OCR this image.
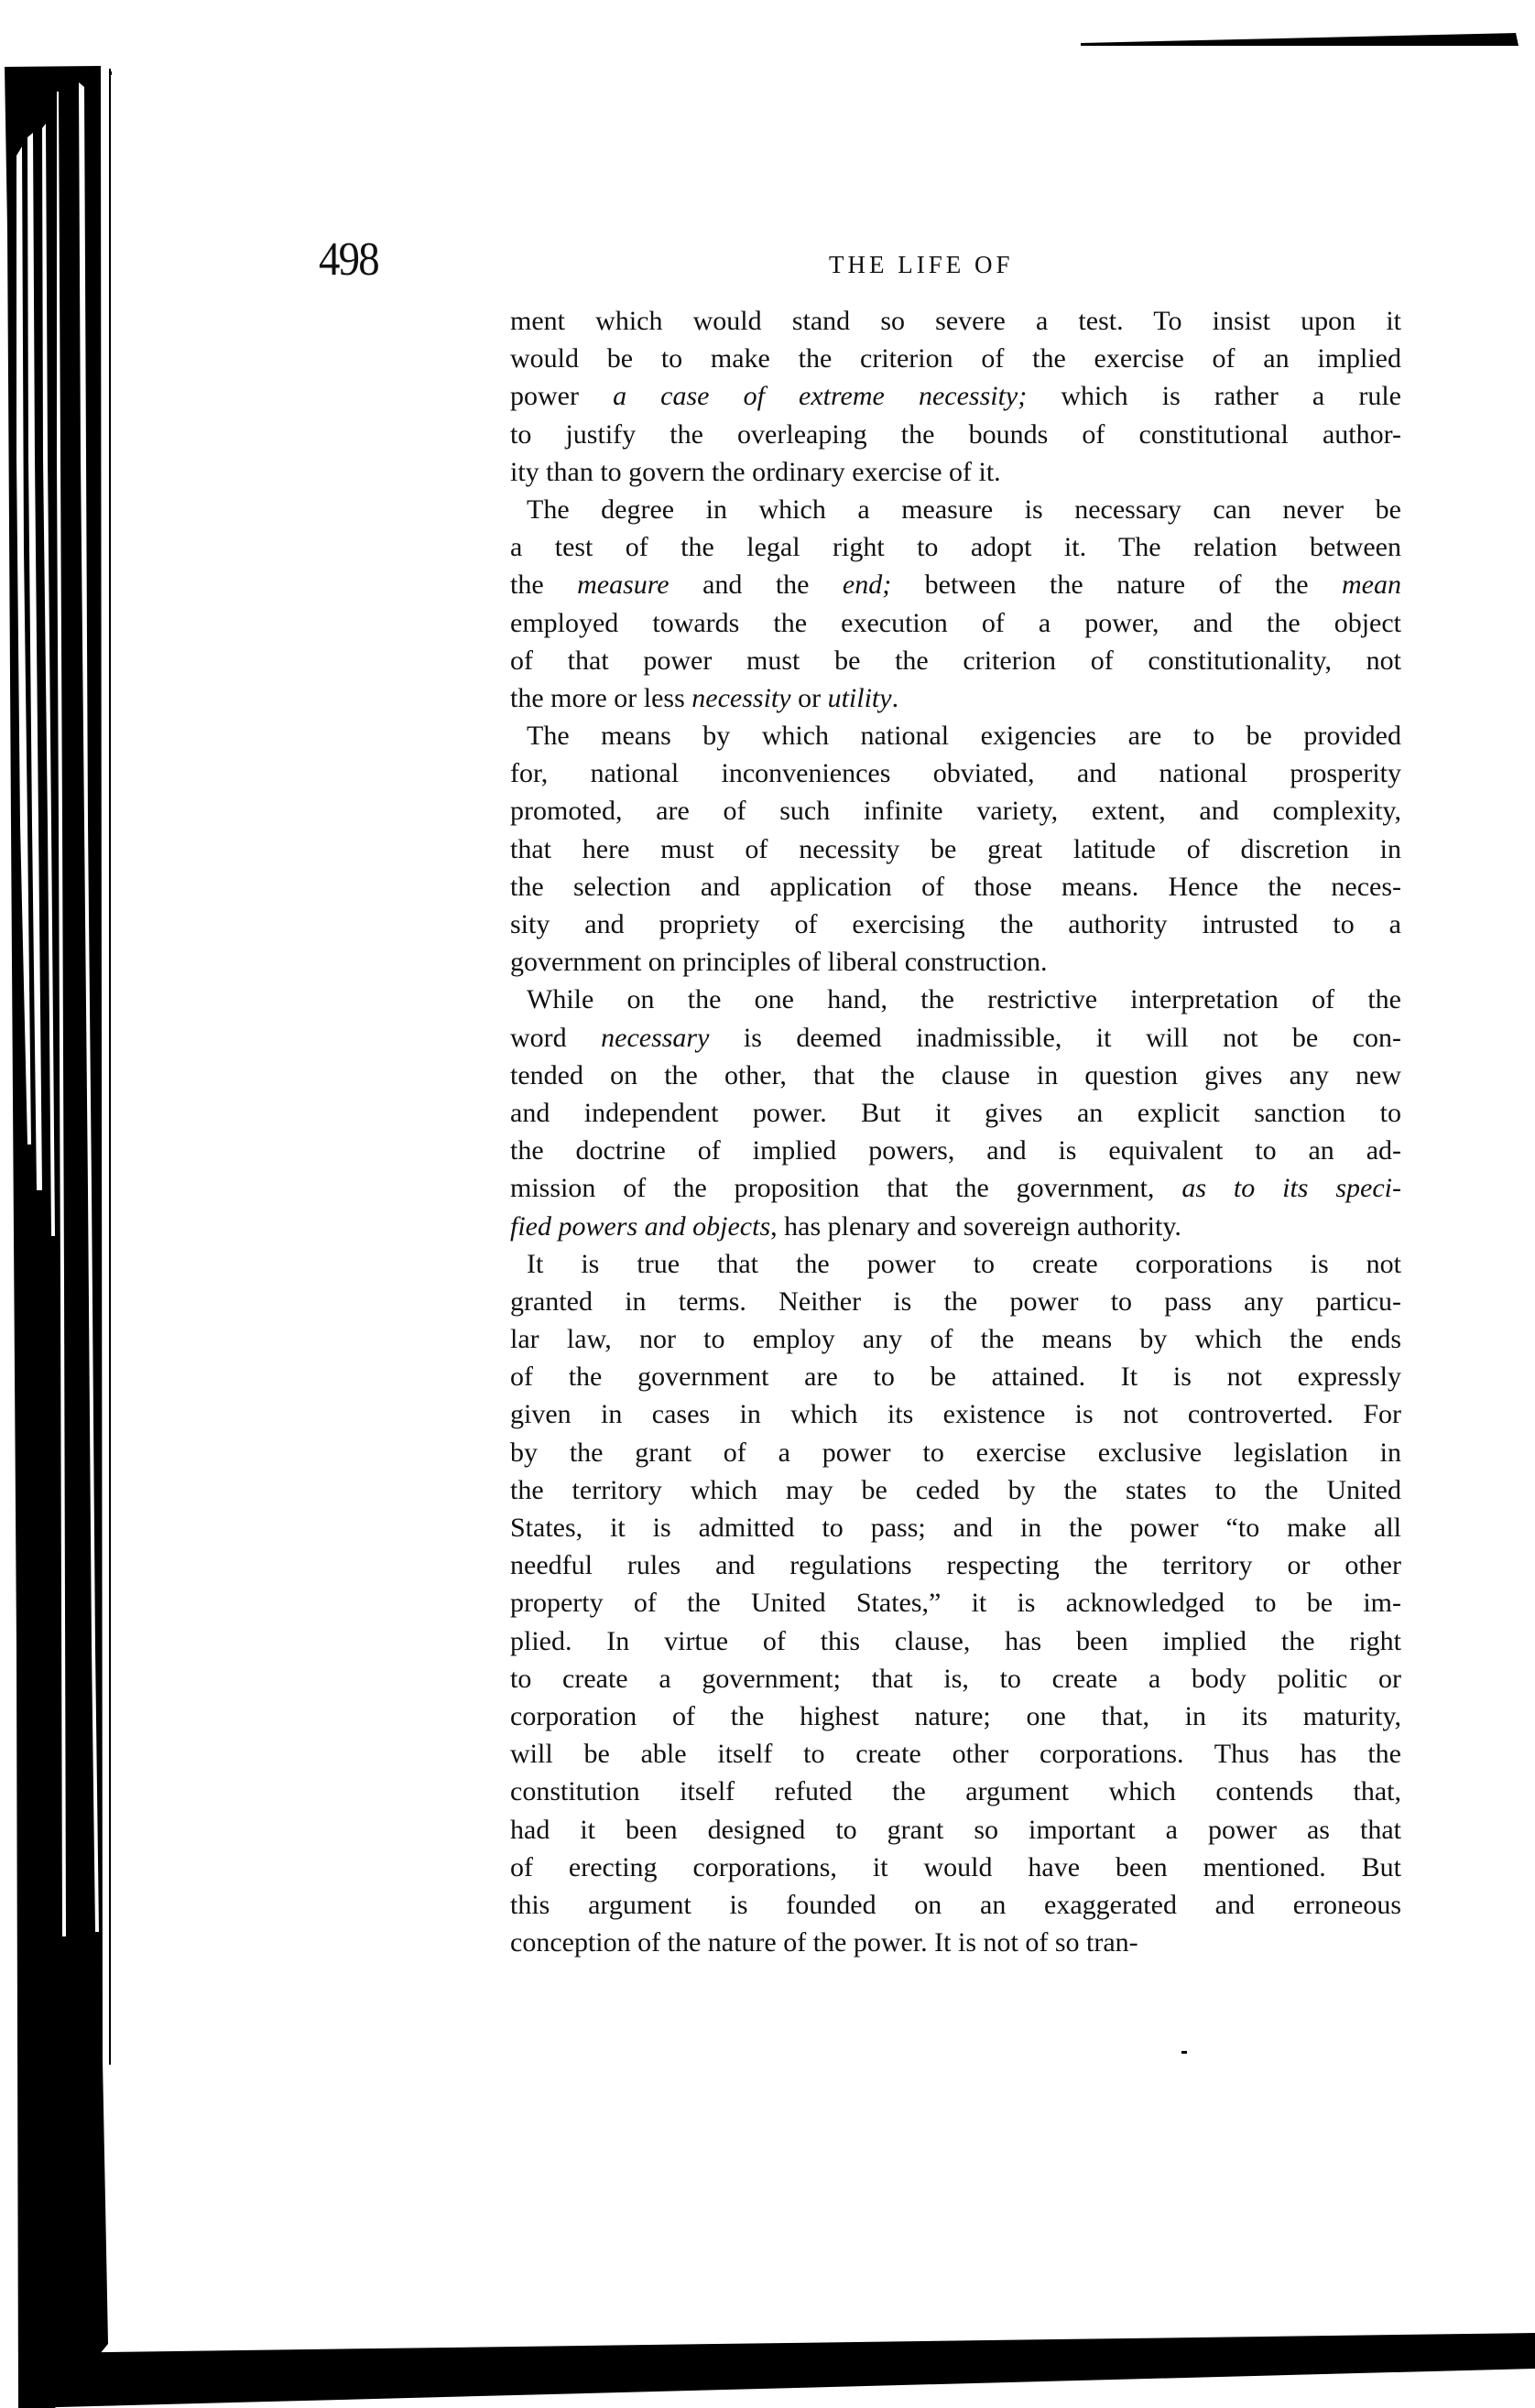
498	THE LIFE OF
ment which would stand so severe a test. To insist upon it
would be to make the criterion of the exercise of an implied
power a case of extreme necessity; which is rather a rule
to justify the overleaping the bounds of constitutional author-
ity than to govern the ordinary exercise of it.
The degree in which a measure is necessary can never be
a test of the legal right to adopt it. The relation between
the measure and the end; between the nature of the mean
employed towards the execution of a power, and the object
of that power must be the criterion of constitutionality, not
the more or less necessity or utility.
The means by which national exigencies are to be provided
for, national inconveniences obviated, and national prosperity
promoted, are of such infinite variety, extent, and complexity,
that here must of necessity be great latitude of discretion in
the selection and application of those means. Hence the neces-
sity and propriety of exercising the authority intrusted to a
government on principles of liberal construction.
While on the one hand, the restrictive interpretation of the
word necessary is deemed inadmissible, it will not be con-
tended on the other, that the clause in question gives any new
and independent power. But it gives an explicit sanction to
the doctrine of implied powers, and is equivalent to an ad-
mission of the proposition that the government, as to its speci-
fied powers and objects, has plenary and sovereign authority.
It is true that the power to create corporations is not
granted in terms. Neither is the power to pass any particu-
lar law, nor to employ any of the means by which the ends
of the government are to be attained. It is not expressly
given in cases in which its existence is not controverted. For
by the grant of a power to exercise exclusive legislation in
the territory which may be ceded by the states to the United
States, it is admitted to pass; and in the power “to make all
needful rules and regulations respecting the territory or other
property of the United States,” it is acknowledged to be im-
plied. In virtue of this clause, has been implied the right
to create a government; that is, to create a body politic or
corporation of the highest nature; one that, in its maturity,
will be able itself to create other corporations. Thus has the
constitution itself refuted the argument which contends that,
had it been designed to grant so important a power as that
of erecting corporations, it would have been mentioned. But
this argument is founded on an exaggerated and erroneous
conception of the nature of the power. It is not of so tran-
